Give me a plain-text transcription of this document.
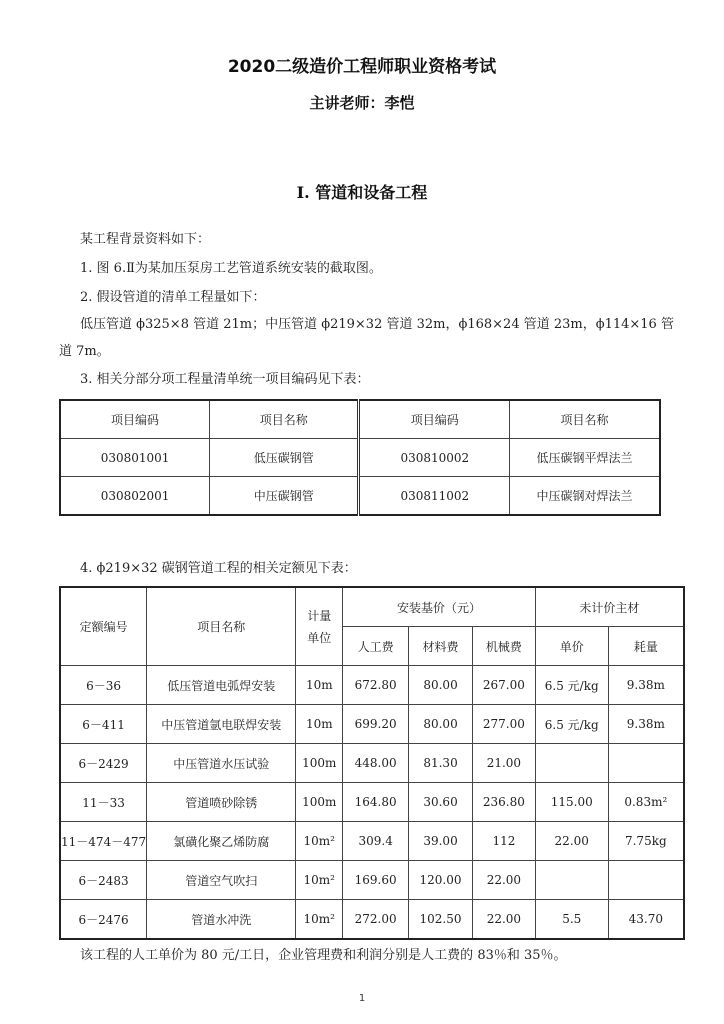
2020二级造价工程师职业资格考试
主讲老师：李恺
Ⅰ. 管道和设备工程
某工程背景资料如下：
1. 图 6.Ⅱ为某加压泵房工艺管道系统安装的截取图。
2. 假设管道的清单工程量如下：
低压管道 ϕ325×8 管道 21m；中压管道 ϕ219×32 管道 32m，ϕ168×24 管道 23m，ϕ114×16 管
道 7m。
3. 相关分部分项工程量清单统一项目编码见下表：
项目编码	项目名称	项目编码	项目名称
030801001	低压碳钢管	030810002	低压碳钢平焊法兰
030802001	中压碳钢管	030811002	中压碳钢对焊法兰
4. ϕ219×32 碳钢管道工程的相关定额见下表：
定额编号	项目名称	计量单位	安装基价（元）			未计价主材	
			人工费	材料费	机械费	单价	耗量
6－36	低压管道电弧焊安装	10m	672.80	80.00	267.00	6.5 元/kg	9.38m
6－411	中压管道氩电联焊安装	10m	699.20	80.00	277.00	6.5 元/kg	9.38m
6－2429	中压管道水压试验	100m	448.00	81.30	21.00		
11－33	管道喷砂除锈	100m	164.80	30.60	236.80	115.00	0.83m²
11－474－477	氯磺化聚乙烯防腐	10m²	309.4	39.00	112	22.00	7.75kg
6－2483	管道空气吹扫	10m²	169.60	120.00	22.00		
6－2476	管道水冲洗	10m²	272.00	102.50	22.00	5.5	43.70
该工程的人工单价为 80 元/工日，企业管理费和利润分别是人工费的 83％和 35％。
1
